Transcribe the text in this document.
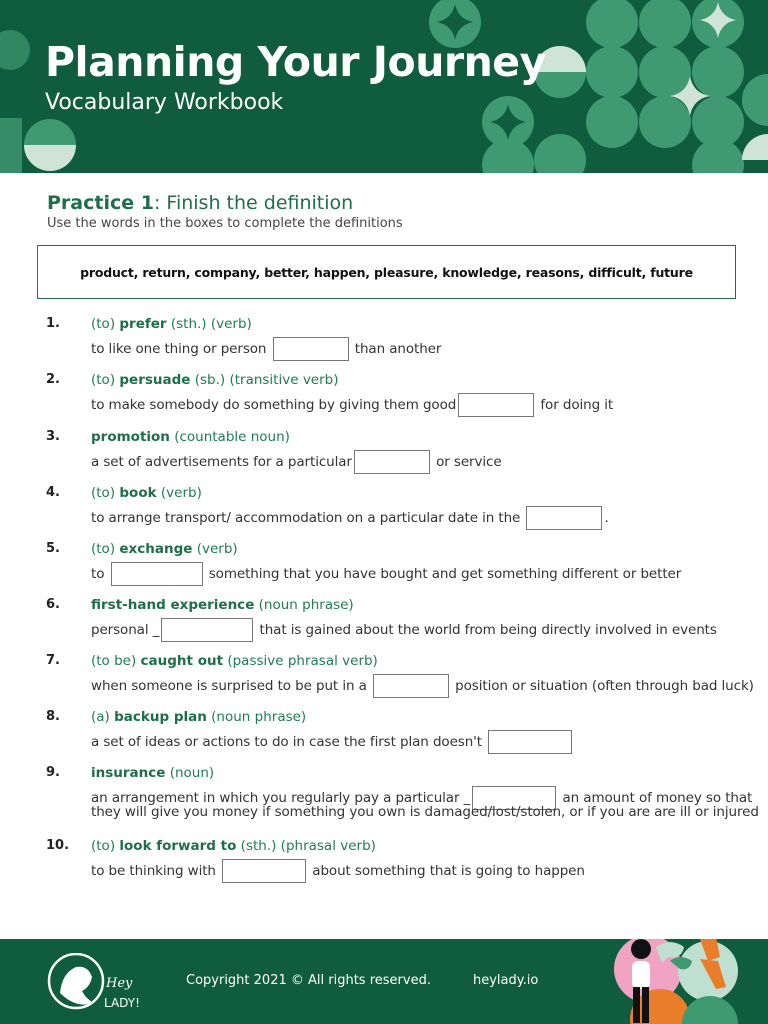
Planning Your Journey
Vocabulary Workbook
Practice 1: Finish the definition
Use the words in the boxes to complete the definitions
product, return, company, better, happen, pleasure, knowledge, reasons, difficult, future
1. (to) prefer (sth.) (verb)
to like one thing or person	than another
2. (to) persuade (sb.) (transitive verb)
to make somebody do something by giving them good	for doing it
3. promotion (countable noun)
a set of advertisements for a particular	or service
4. (to) book (verb)
to arrange transport/ accommodation on a particular date in the	.
5. (to) exchange (verb)
to	something that you have bought and get something different or better
6. first-hand experience (noun phrase)
personal _	that is gained about the world from being directly involved in events
7. (to be) caught out (passive phrasal verb)
when someone is surprised to be put in a	position or situation (often through bad luck)
8. (a) backup plan (noun phrase)
a set of ideas or actions to do in case the first plan doesn't
9. insurance (noun)
an arrangement in which you regularly pay a particular _	an amount of money so that
they will give you money if something you own is damaged/lost/stolen, or if you are are ill or injured
10. (to) look forward to (sth.) (phrasal verb)
to be thinking with	about something that is going to happen
Hey
LADY!
Copyright 2021 © All rights reserved.	heylady.io
